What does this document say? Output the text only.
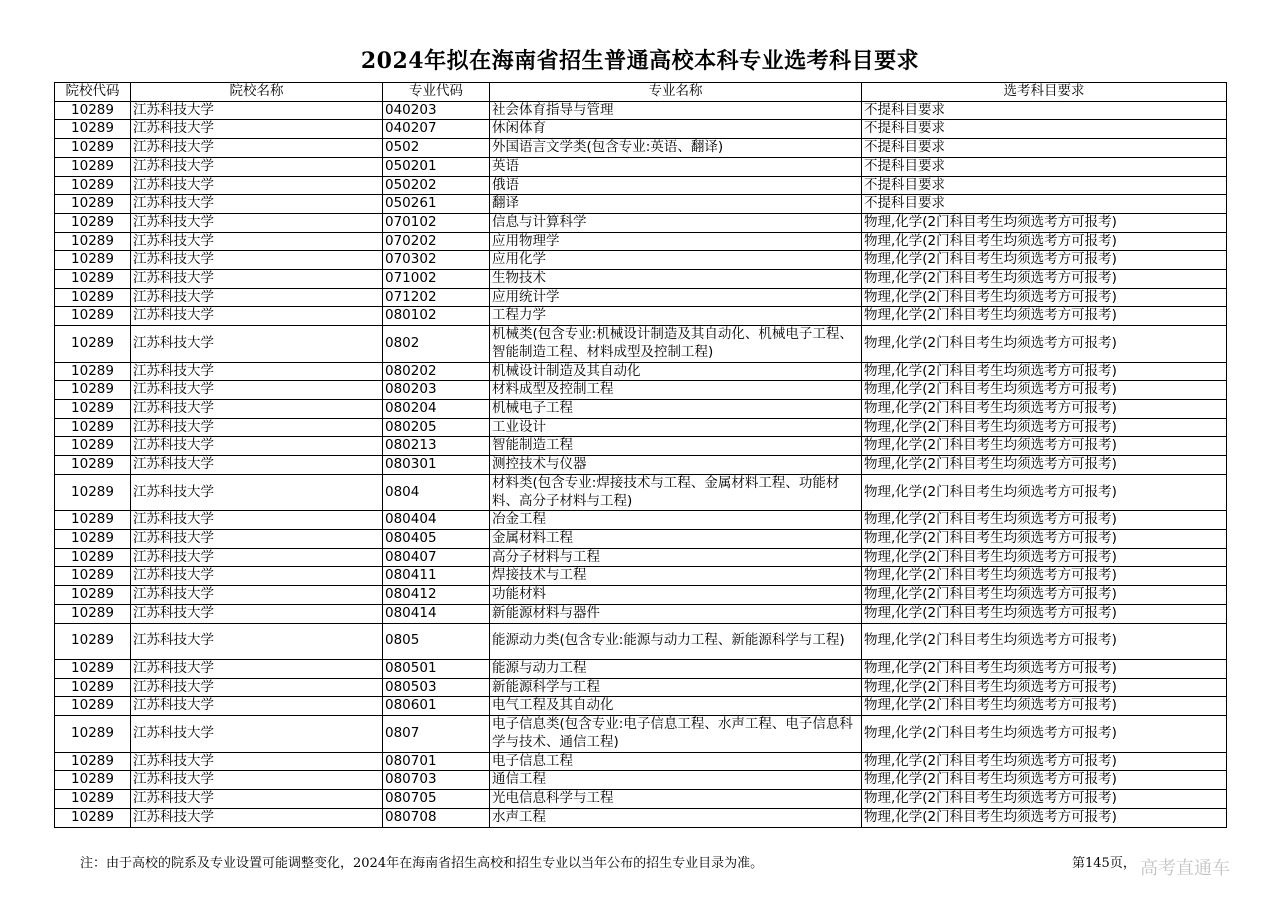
2024年拟在海南省招生普通高校本科专业选考科目要求
院校代码	院校名称	专业代码	专业名称	选考科目要求
10289	江苏科技大学	040203	社会体育指导与管理	不提科目要求
10289	江苏科技大学	040207	休闲体育	不提科目要求
10289	江苏科技大学	0502	外国语言文学类(包含专业:英语、翻译)	不提科目要求
10289	江苏科技大学	050201	英语	不提科目要求
10289	江苏科技大学	050202	俄语	不提科目要求
10289	江苏科技大学	050261	翻译	不提科目要求
10289	江苏科技大学	070102	信息与计算科学	物理,化学(2门科目考生均须选考方可报考)
10289	江苏科技大学	070202	应用物理学	物理,化学(2门科目考生均须选考方可报考)
10289	江苏科技大学	070302	应用化学	物理,化学(2门科目考生均须选考方可报考)
10289	江苏科技大学	071002	生物技术	物理,化学(2门科目考生均须选考方可报考)
10289	江苏科技大学	071202	应用统计学	物理,化学(2门科目考生均须选考方可报考)
10289	江苏科技大学	080102	工程力学	物理,化学(2门科目考生均须选考方可报考)
10289	江苏科技大学	0802	机械类(包含专业:机械设计制造及其自动化、机械电子工程、智能制造工程、材料成型及控制工程)	物理,化学(2门科目考生均须选考方可报考)
10289	江苏科技大学	080202	机械设计制造及其自动化	物理,化学(2门科目考生均须选考方可报考)
10289	江苏科技大学	080203	材料成型及控制工程	物理,化学(2门科目考生均须选考方可报考)
10289	江苏科技大学	080204	机械电子工程	物理,化学(2门科目考生均须选考方可报考)
10289	江苏科技大学	080205	工业设计	物理,化学(2门科目考生均须选考方可报考)
10289	江苏科技大学	080213	智能制造工程	物理,化学(2门科目考生均须选考方可报考)
10289	江苏科技大学	080301	测控技术与仪器	物理,化学(2门科目考生均须选考方可报考)
10289	江苏科技大学	0804	材料类(包含专业:焊接技术与工程、金属材料工程、功能材料、高分子材料与工程)	物理,化学(2门科目考生均须选考方可报考)
10289	江苏科技大学	080404	冶金工程	物理,化学(2门科目考生均须选考方可报考)
10289	江苏科技大学	080405	金属材料工程	物理,化学(2门科目考生均须选考方可报考)
10289	江苏科技大学	080407	高分子材料与工程	物理,化学(2门科目考生均须选考方可报考)
10289	江苏科技大学	080411	焊接技术与工程	物理,化学(2门科目考生均须选考方可报考)
10289	江苏科技大学	080412	功能材料	物理,化学(2门科目考生均须选考方可报考)
10289	江苏科技大学	080414	新能源材料与器件	物理,化学(2门科目考生均须选考方可报考)
10289	江苏科技大学	0805	能源动力类(包含专业:能源与动力工程、新能源科学与工程)	物理,化学(2门科目考生均须选考方可报考)
10289	江苏科技大学	080501	能源与动力工程	物理,化学(2门科目考生均须选考方可报考)
10289	江苏科技大学	080503	新能源科学与工程	物理,化学(2门科目考生均须选考方可报考)
10289	江苏科技大学	080601	电气工程及其自动化	物理,化学(2门科目考生均须选考方可报考)
10289	江苏科技大学	0807	电子信息类(包含专业:电子信息工程、水声工程、电子信息科学与技术、通信工程)	物理,化学(2门科目考生均须选考方可报考)
10289	江苏科技大学	080701	电子信息工程	物理,化学(2门科目考生均须选考方可报考)
10289	江苏科技大学	080703	通信工程	物理,化学(2门科目考生均须选考方可报考)
10289	江苏科技大学	080705	光电信息科学与工程	物理,化学(2门科目考生均须选考方可报考)
10289	江苏科技大学	080708	水声工程	物理,化学(2门科目考生均须选考方可报考)
注：由于高校的院系及专业设置可能调整变化，2024年在海南省招生高校和招生专业以当年公布的招生专业目录为准。	第145页， 高考直通车
